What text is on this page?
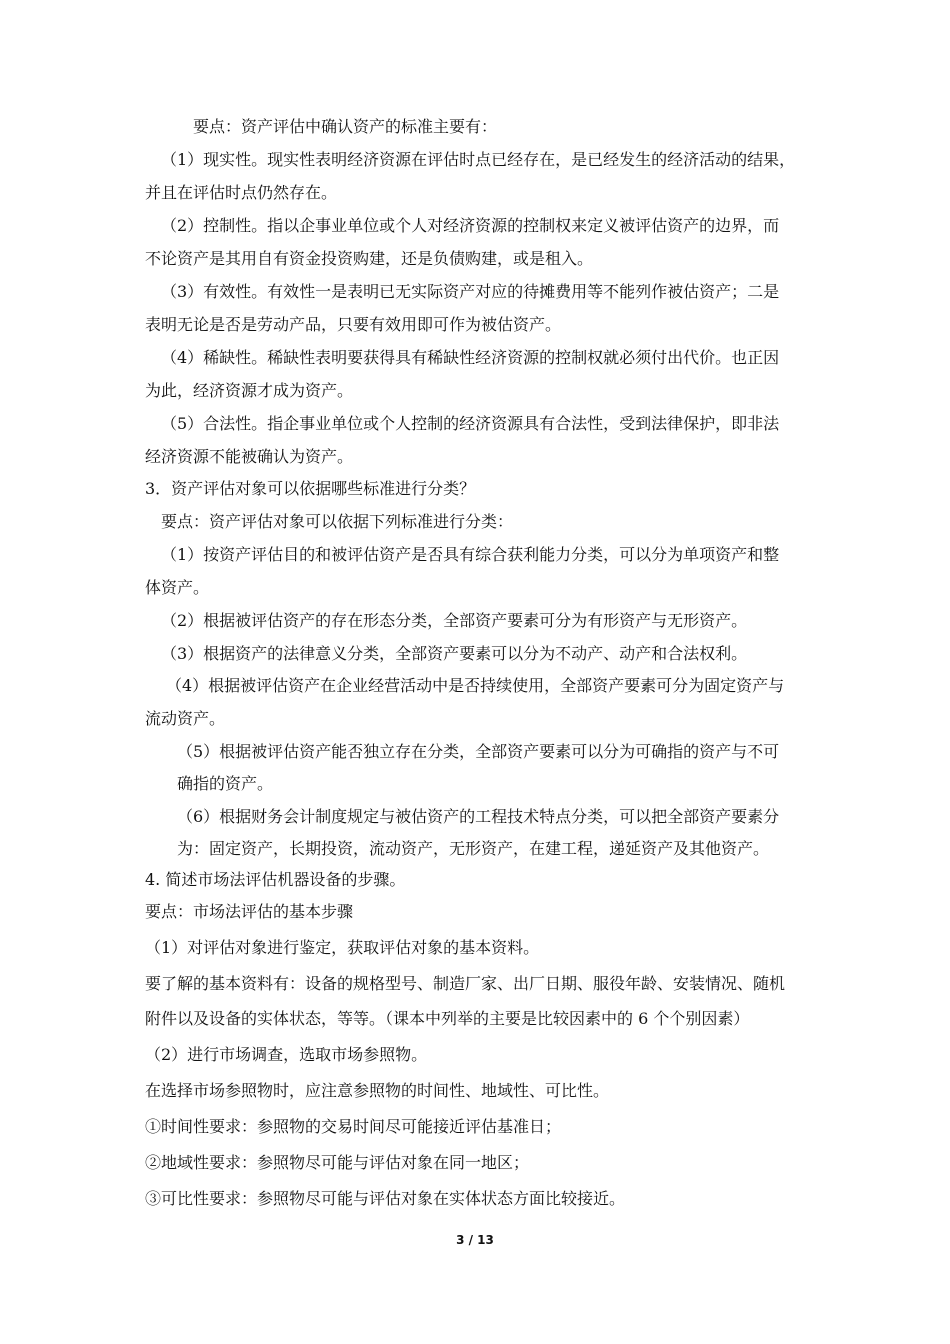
要点：资产评估中确认资产的标准主要有：
（1）现实性。现实性表明经济资源在评估时点已经存在，是已经发生的经济活动的结果，
并且在评估时点仍然存在。
（2）控制性。指以企事业单位或个人对经济资源的控制权来定义被评估资产的边界，而
不论资产是其用自有资金投资购建，还是负债购建，或是租入。
（3）有效性。有效性一是表明已无实际资产对应的待摊费用等不能列作被估资产；二是
表明无论是否是劳动产品，只要有效用即可作为被估资产。
（4）稀缺性。稀缺性表明要获得具有稀缺性经济资源的控制权就必须付出代价。也正因
为此，经济资源才成为资产。
（5）合法性。指企事业单位或个人控制的经济资源具有合法性，受到法律保护，即非法
经济资源不能被确认为资产。
3．资产评估对象可以依据哪些标准进行分类？
要点：资产评估对象可以依据下列标准进行分类：
（1）按资产评估目的和被评估资产是否具有综合获利能力分类，可以分为单项资产和整
体资产。
（2）根据被评估资产的存在形态分类，全部资产要素可分为有形资产与无形资产。
（3）根据资产的法律意义分类，全部资产要素可以分为不动产、动产和合法权利。
（4）根据被评估资产在企业经营活动中是否持续使用，全部资产要素可分为固定资产与
流动资产。
（5）根据被评估资产能否独立存在分类，全部资产要素可以分为可确指的资产与不可
确指的资产。
（6）根据财务会计制度规定与被估资产的工程技术特点分类，可以把全部资产要素分
为：固定资产，长期投资，流动资产，无形资产，在建工程，递延资产及其他资产。
4. 简述市场法评估机器设备的步骤。
要点：市场法评估的基本步骤
（1）对评估对象进行鉴定，获取评估对象的基本资料。
要了解的基本资料有：设备的规格型号、制造厂家、出厂日期、服役年龄、安装情况、随机
附件以及设备的实体状态，等等。（课本中列举的主要是比较因素中的 6 个个别因素）
（2）进行市场调查，选取市场参照物。
在选择市场参照物时，应注意参照物的时间性、地域性、可比性。
①时间性要求：参照物的交易时间尽可能接近评估基准日；
②地域性要求：参照物尽可能与评估对象在同一地区；
③可比性要求：参照物尽可能与评估对象在实体状态方面比较接近。
3 / 13
